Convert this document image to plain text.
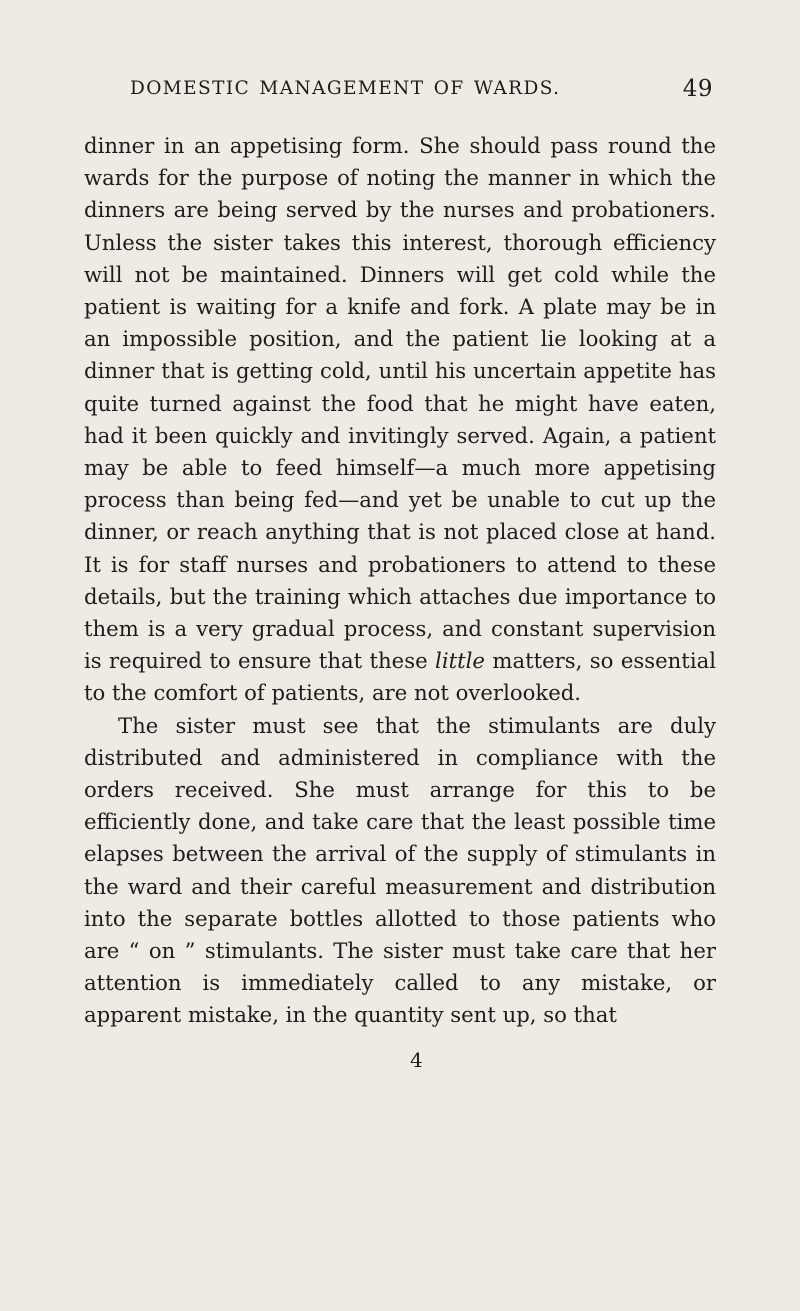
DOMESTIC MANAGEMENT OF WARDS.	49

dinner in an appetising form. She should pass round the wards for the purpose of noting the manner in which the dinners are being served by the nurses and probationers. Unless the sister takes this interest, thorough efficiency will not be maintained. Dinners will get cold while the patient is waiting for a knife and fork. A plate may be in an impossible position, and the patient lie looking at a dinner that is getting cold, until his uncertain appetite has quite turned against the food that he might have eaten, had it been quickly and invitingly served. Again, a patient may be able to feed himself—a much more appetising process than being fed—and yet be unable to cut up the dinner, or reach anything that is not placed close at hand. It is for staff nurses and probationers to attend to these details, but the training which attaches due importance to them is a very gradual process, and constant supervision is required to ensure that these little matters, so essential to the comfort of patients, are not overlooked.

The sister must see that the stimulants are duly distributed and administered in compliance with the orders received. She must arrange for this to be efficiently done, and take care that the least possible time elapses between the arrival of the supply of stimulants in the ward and their careful measurement and distribution into the separate bottles allotted to those patients who are “ on ” stimulants. The sister must take care that her attention is immediately called to any mistake, or apparent mistake, in the quantity sent up, so that

4
